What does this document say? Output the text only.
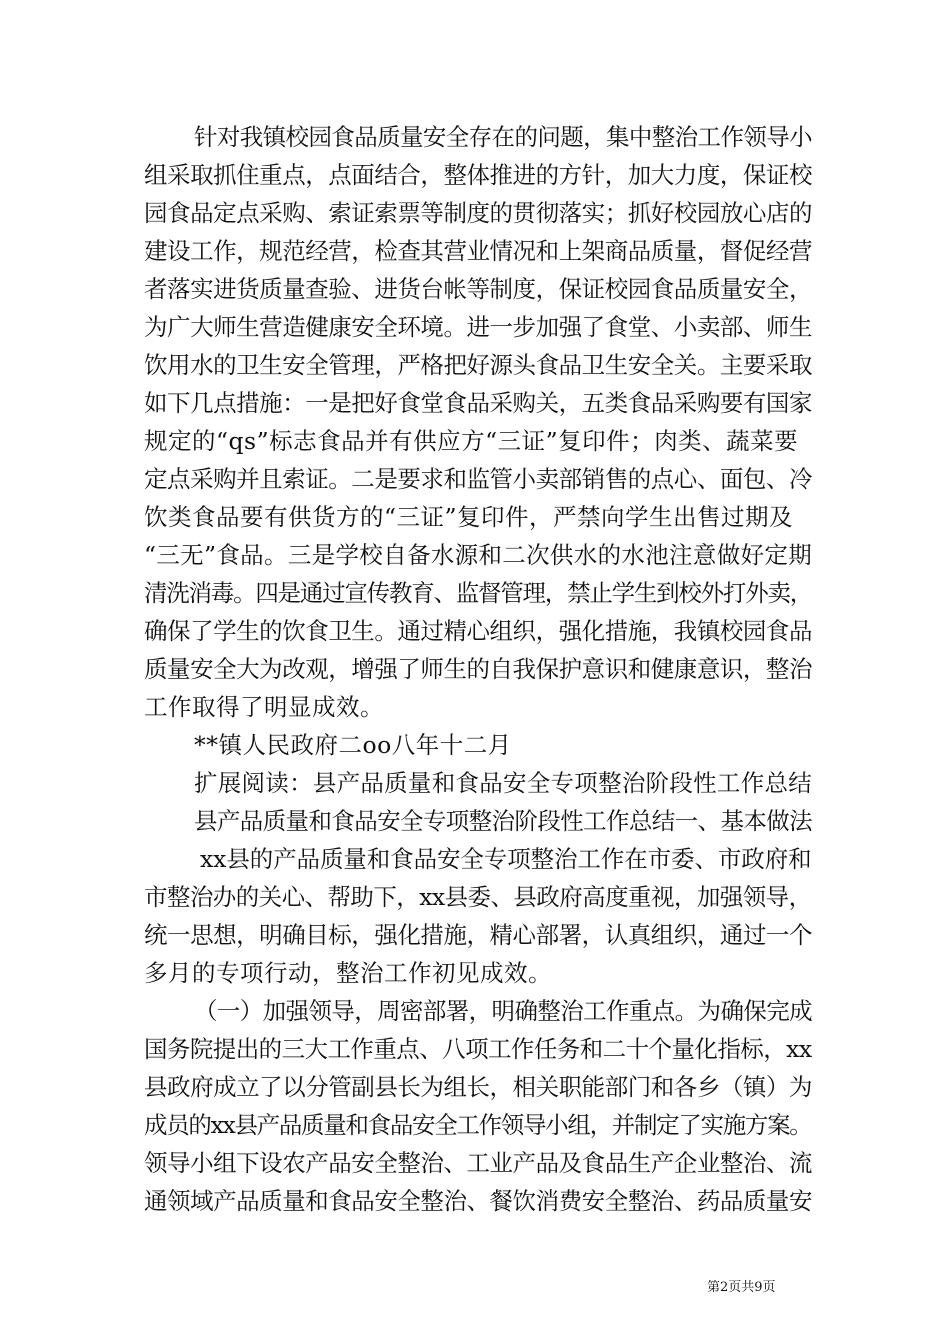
针对我镇校园食品质量安全存在的问题，集中整治工作领导小
组采取抓住重点，点面结合，整体推进的方针，加大力度，保证校
园食品定点采购、索证索票等制度的贯彻落实；抓好校园放心店的
建设工作，规范经营，检查其营业情况和上架商品质量，督促经营
者落实进货质量查验、进货台帐等制度，保证校园食品质量安全，
为广大师生营造健康安全环境。进一步加强了食堂、小卖部、师生
饮用水的卫生安全管理，严格把好源头食品卫生安全关。主要采取
如下几点措施：一是把好食堂食品采购关，五类食品采购要有国家
规定的“qs”标志食品并有供应方“三证”复印件；肉类、蔬菜要
定点采购并且索证。二是要求和监管小卖部销售的点心、面包、冷
饮类食品要有供货方的“三证”复印件，严禁向学生出售过期及
“三无”食品。三是学校自备水源和二次供水的水池注意做好定期
清洗消毒。四是通过宣传教育、监督管理，禁止学生到校外打外卖，
确保了学生的饮食卫生。通过精心组织，强化措施，我镇校园食品
质量安全大为改观，增强了师生的自我保护意识和健康意识，整治
工作取得了明显成效。
**镇人民政府二oo八年十二月
扩展阅读：县产品质量和食品安全专项整治阶段性工作总结
县产品质量和食品安全专项整治阶段性工作总结一、基本做法
xx县的产品质量和食品安全专项整治工作在市委、市政府和
市整治办的关心、帮助下，xx县委、县政府高度重视，加强领导，
统一思想，明确目标，强化措施，精心部署，认真组织，通过一个
多月的专项行动，整治工作初见成效。
（一）加强领导，周密部署，明确整治工作重点。为确保完成
国务院提出的三大工作重点、八项工作任务和二十个量化指标，xx
县政府成立了以分管副县长为组长，相关职能部门和各乡（镇）为
成员的xx县产品质量和食品安全工作领导小组，并制定了实施方案。
领导小组下设农产品安全整治、工业产品及食品生产企业整治、流
通领域产品质量和食品安全整治、餐饮消费安全整治、药品质量安
第2页共9页
